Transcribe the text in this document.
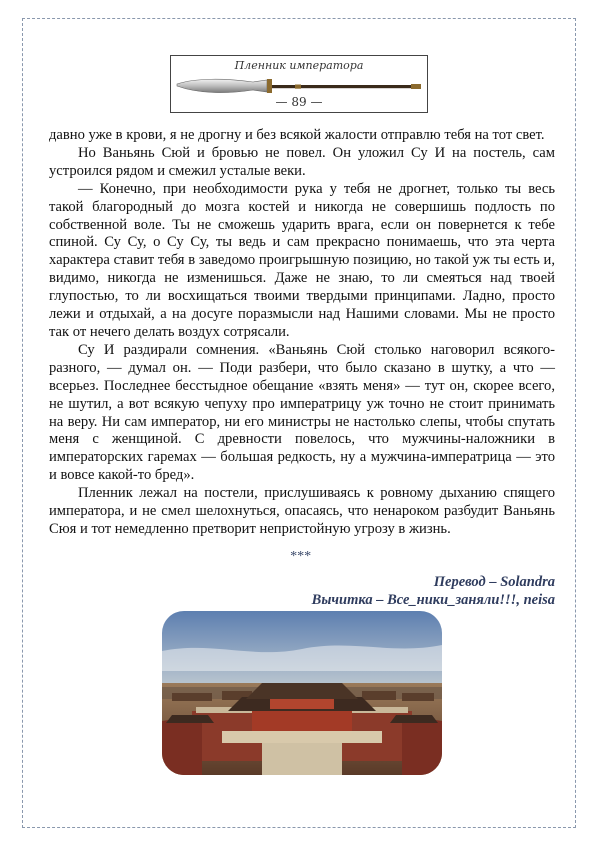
Пленник императора
— 89 —

давно уже в крови, я не дрогну и без всякой жалости отправлю тебя на тот свет.

Но Ваньянь Сюй и бровью не повел. Он уложил Су И на постель, сам устроился рядом и смежил усталые веки.

— Конечно, при необходимости рука у тебя не дрогнет, только ты весь такой благородный до мозга костей и никогда не совершишь подлость по собственной воле. Ты не сможешь ударить врага, если он повернется к тебе спиной. Су Су, о Су Су, ты ведь и сам прекрасно понимаешь, что эта черта характера ставит тебя в заведомо проигрышную позицию, но такой уж ты есть и, видимо, никогда не изменишься. Даже не знаю, то ли смеяться над твоей глупостью, то ли восхищаться твоими твердыми принципами. Ладно, просто лежи и отдыхай, а на досуге поразмысли над Нашими словами. Мы не просто так от нечего делать воздух сотрясали.

Су И раздирали сомнения. «Ваньянь Сюй столько наговорил всякого-разного, — думал он. — Поди разбери, что было сказано в шутку, а что — всерьез. Последнее бесстыдное обещание «взять меня» — тут он, скорее всего, не шутил, а вот всякую чепуху про императрицу уж точно не стоит принимать на веру. Ни сам император, ни его министры не настолько слепы, чтобы спутать меня с женщиной. С древности повелось, что мужчины-наложники в императорских гаремах — большая редкость, ну а мужчина-императрица — это и вовсе какой-то бред».

Пленник лежал на постели, прислушиваясь к ровному дыханию спящего императора, и не смел шелохнуться, опасаясь, что ненароком разбудит Ваньянь Сюя и тот немедленно претворит непристойную угрозу в жизнь.

***
Перевод – Solandra
Вычитка – Все_ники_заняли!!!, neisa
